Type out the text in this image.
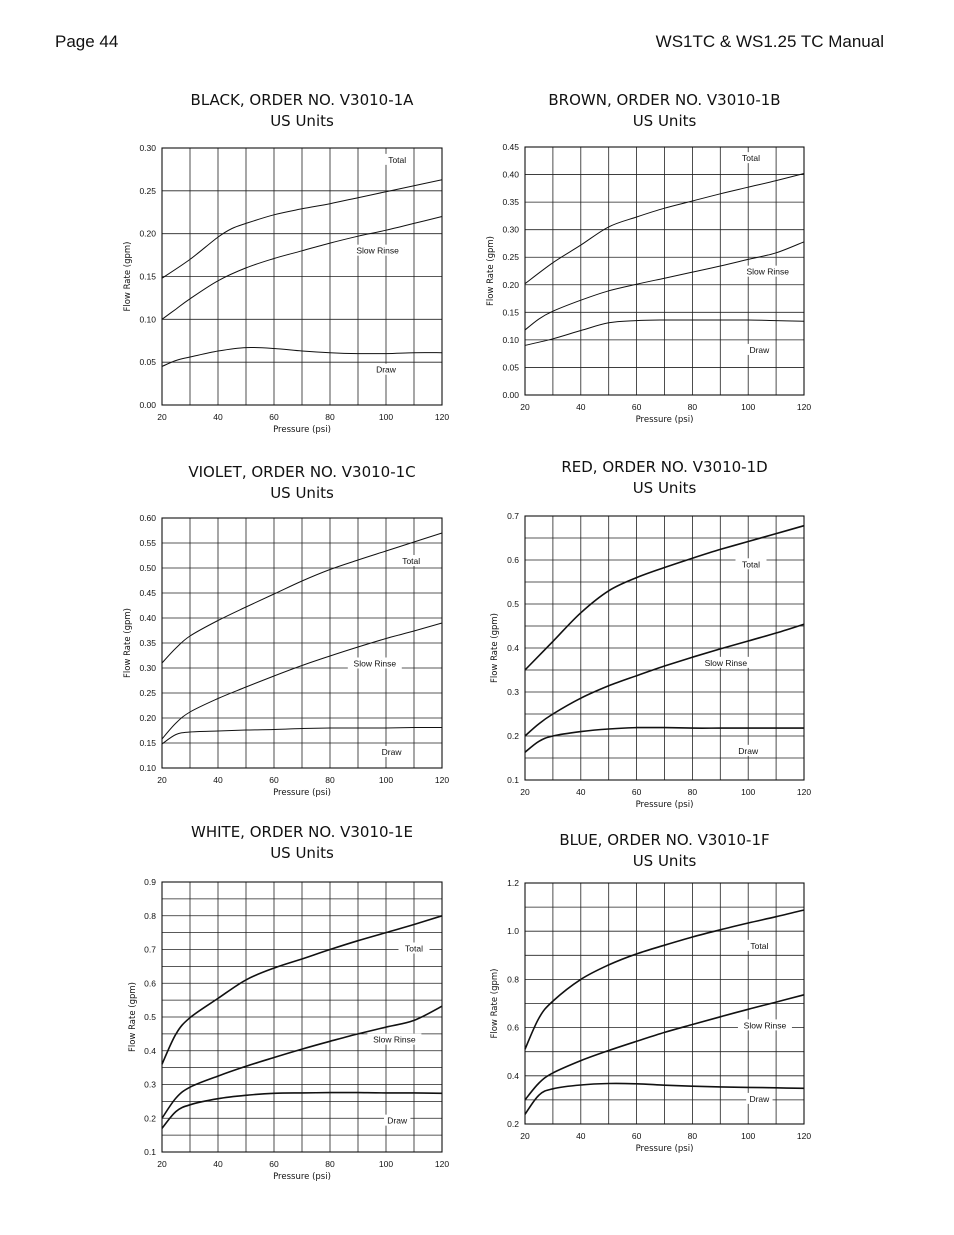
Page 44	WS1TC & WS1.25 TC Manual
BLACK, ORDER NO. V3010-1A
US Units
20	40	60	80	100	120
0.00
0.05
0.10
0.15
0.20
0.25
0.30
Pressure (psi)
Flow Rate (gpm)
Total
Slow Rinse
Draw
BROWN, ORDER NO. V3010-1B
US Units
20	40	60	80	100	120
0.00
0.05
0.10
0.15
0.20
0.25
0.30
0.35
0.40
0.45
Pressure (psi)
Flow Rate (gpm)
Total
Slow Rinse
Draw
VIOLET, ORDER NO. V3010-1C
US Units
20	40	60	80	100	120
0.10
0.15
0.20
0.25
0.30
0.35
0.40
0.45
0.50
0.55
0.60
Pressure (psi)
Flow Rate (gpm)
Total
Slow Rinse
Draw
RED, ORDER NO. V3010-1D
US Units
20	40	60	80	100	120
0.1
0.2
0.3
0.4
0.5
0.6
0.7
Pressure (psi)
Flow Rate (gpm)
Total
Slow Rinse
Draw
WHITE, ORDER NO. V3010-1E
US Units
20	40	60	80	100	120
0.1
0.2
0.3
0.4
0.5
0.6
0.7
0.8
0.9
Pressure (psi)
Flow Rate (gpm)
Total
Slow Rinse
Draw
BLUE, ORDER NO. V3010-1F
US Units
20	40	60	80	100	120
0.2
0.4
0.6
0.8
1.0
1.2
Pressure (psi)
Flow Rate (gpm)
Total
Slow Rinse
Draw
